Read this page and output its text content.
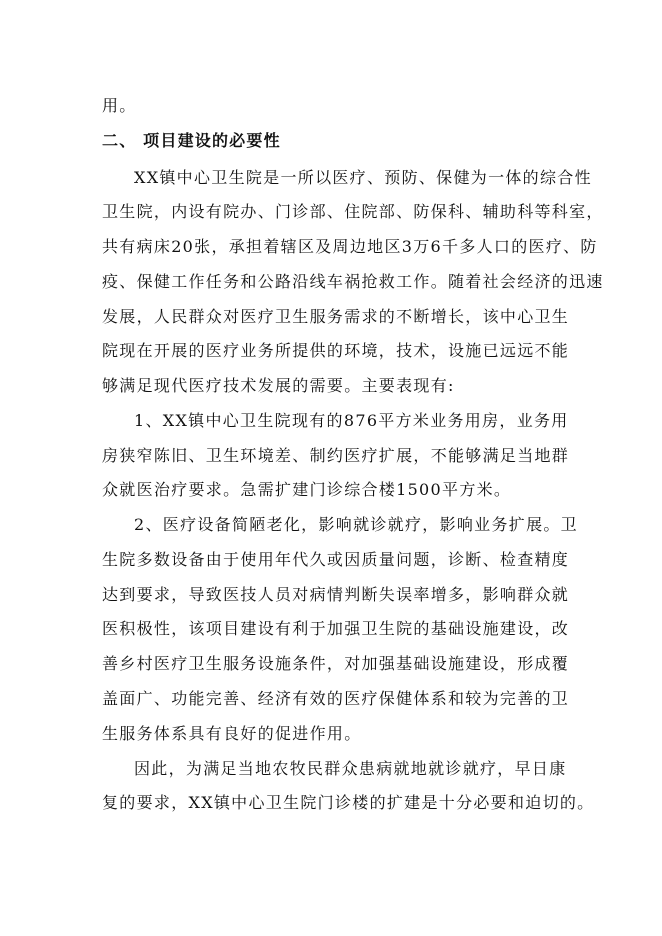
用。
二、 项目建设的必要性
XX镇中心卫生院是一所以医疗、预防、保健为一体的综合性
卫生院，内设有院办、门诊部、住院部、防保科、辅助科等科室，
共有病床20张，承担着辖区及周边地区3万6千多人口的医疗、防
疫、保健工作任务和公路沿线车祸抢救工作。随着社会经济的迅速
发展，人民群众对医疗卫生服务需求的不断增长，该中心卫生
院现在开展的医疗业务所提供的环境，技术，设施已远远不能
够满足现代医疗技术发展的需要。主要表现有:
1、XX镇中心卫生院现有的876平方米业务用房，业务用
房狭窄陈旧、卫生环境差、制约医疗扩展，不能够满足当地群
众就医治疗要求。急需扩建门诊综合楼1500平方米。
2、医疗设备简陋老化，影响就诊就疗，影响业务扩展。卫
生院多数设备由于使用年代久或因质量问题，诊断、检查精度
达到要求，导致医技人员对病情判断失误率增多，影响群众就
医积极性，该项目建设有利于加强卫生院的基础设施建设，改
善乡村医疗卫生服务设施条件，对加强基础设施建设，形成覆
盖面广、功能完善、经济有效的医疗保健体系和较为完善的卫
生服务体系具有良好的促进作用。
因此，为满足当地农牧民群众患病就地就诊就疗，早日康
复的要求，XX镇中心卫生院门诊楼的扩建是十分必要和迫切的。
